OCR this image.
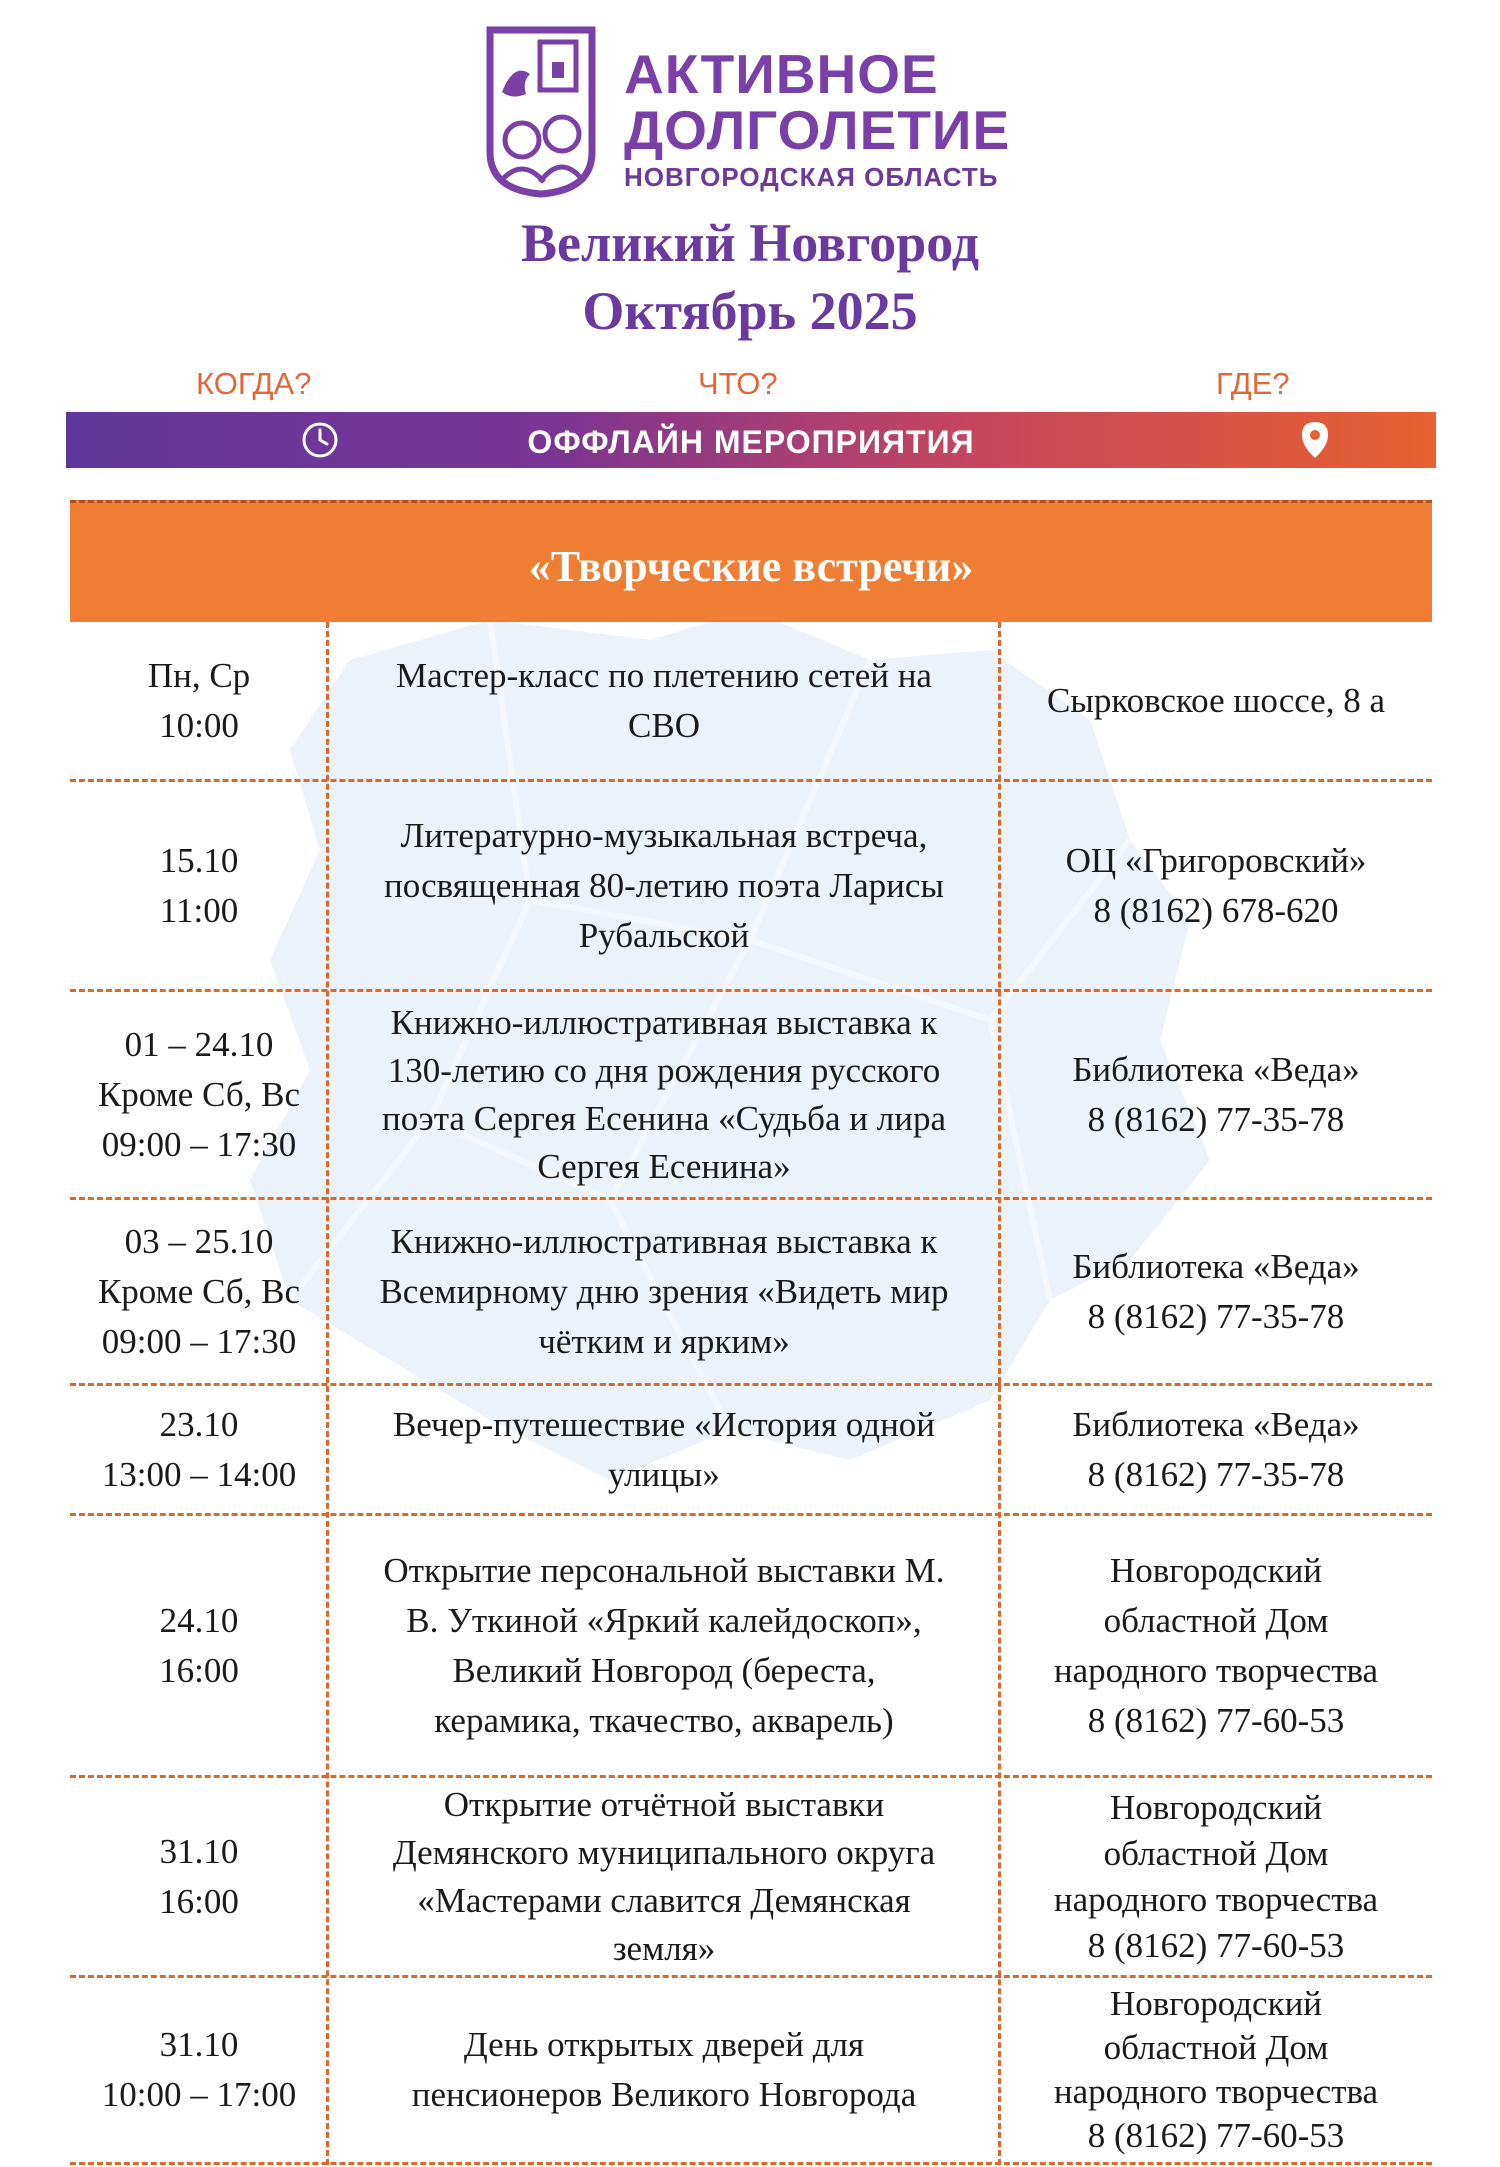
АКТИВНОЕ
ДОЛГОЛЕТИЕ
НОВГОРОДСКАЯ ОБЛАСТЬ
Великий Новгород
Октябрь 2025
КОГДА?	ЧТО?	ГДЕ?
ОФФЛАЙН МЕРОПРИЯТИЯ
«Творческие встречи»
Пн, Ср
10:00
Мастер-класс по плетению сетей на
СВО
Сырковское шоссе, 8 а
15.10
11:00
Литературно-музыкальная встреча,
посвященная 80-летию поэта Ларисы
Рубальской
ОЦ «Григоровский»
8 (8162) 678-620
01 – 24.10
Кроме Сб, Вс
09:00 – 17:30
Книжно-иллюстративная выставка к
130-летию со дня рождения русского
поэта Сергея Есенина «Судьба и лира
Сергея Есенина»
Библиотека «Веда»
8 (8162) 77-35-78
03 – 25.10
Кроме Сб, Вс
09:00 – 17:30
Книжно-иллюстративная выставка к
Всемирному дню зрения «Видеть мир
чётким и ярким»
Библиотека «Веда»
8 (8162) 77-35-78
23.10
13:00 – 14:00
Вечер-путешествие «История одной
улицы»
Библиотека «Веда»
8 (8162) 77-35-78
24.10
16:00
Открытие персональной выставки М.
В. Уткиной «Яркий калейдоскоп»,
Великий Новгород (береста,
керамика, ткачество, акварель)
Новгородский
областной Дом
народного творчества
8 (8162) 77-60-53
31.10
16:00
Открытие отчётной выставки
Демянского муниципального округа
«Мастерами славится Демянская
земля»
Новгородский
областной Дом
народного творчества
8 (8162) 77-60-53
31.10
10:00 – 17:00
День открытых дверей для
пенсионеров Великого Новгорода
Новгородский
областной Дом
народного творчества
8 (8162) 77-60-53
